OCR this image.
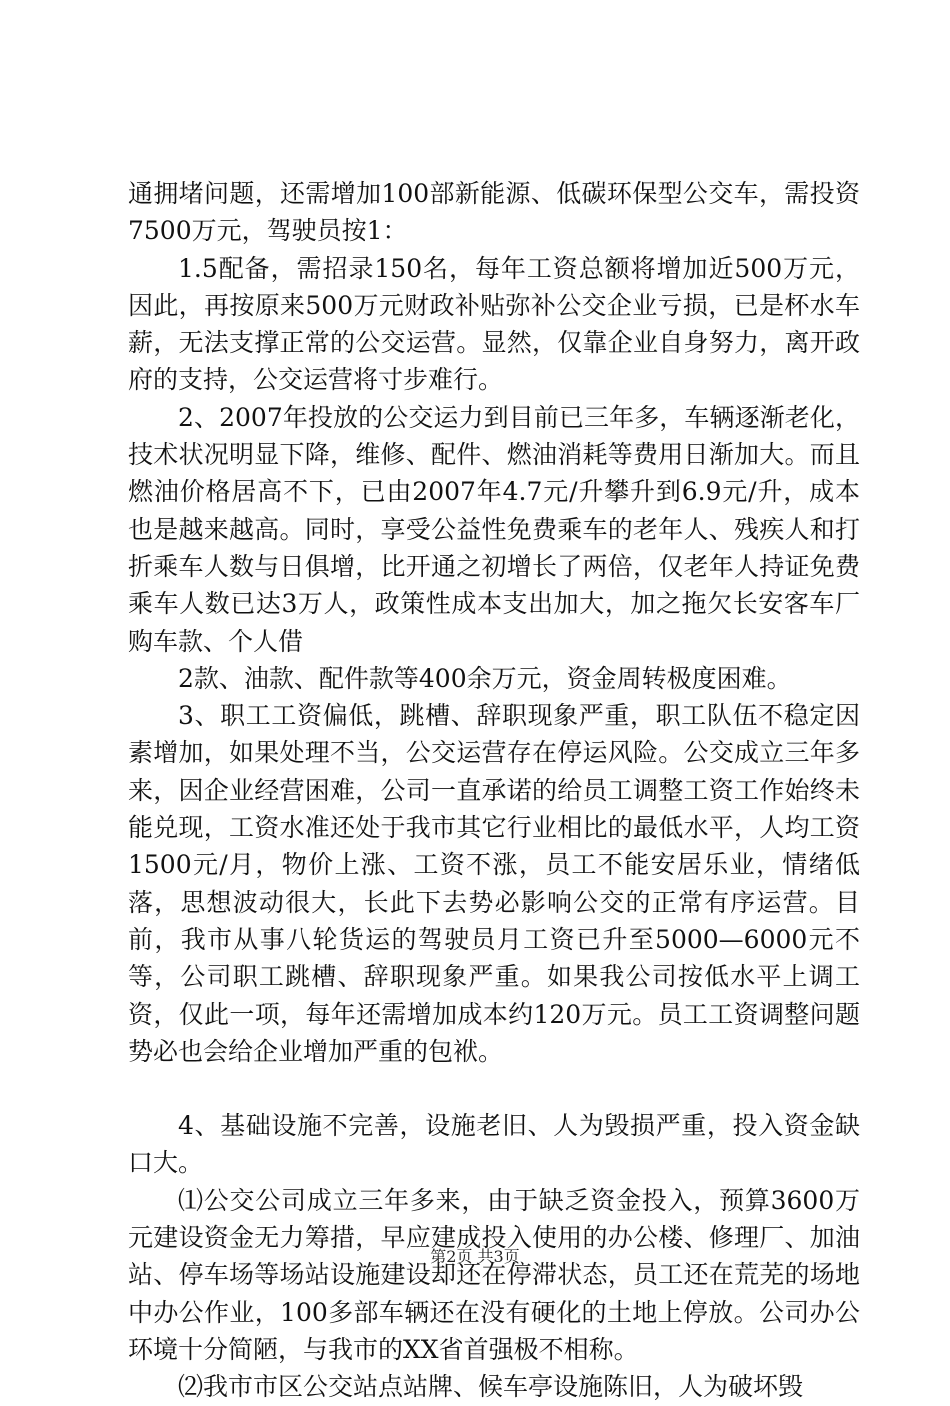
通拥堵问题，还需增加100部新能源、低碳环保型公交车，需投资7500万元，驾驶员按1：

1.5配备，需招录150名，每年工资总额将增加近500万元，因此，再按原来500万元财政补贴弥补公交企业亏损，已是杯水车薪，无法支撑正常的公交运营。显然，仅靠企业自身努力，离开政府的支持，公交运营将寸步难行。

2、2007年投放的公交运力到目前已三年多，车辆逐渐老化，技术状况明显下降，维修、配件、燃油消耗等费用日渐加大。而且燃油价格居高不下，已由2007年4.7元/升攀升到6.9元/升，成本也是越来越高。同时，享受公益性免费乘车的老年人、残疾人和打折乘车人数与日俱增，比开通之初增长了两倍，仅老年人持证免费乘车人数已达3万人，政策性成本支出加大，加之拖欠长安客车厂购车款、个人借

2款、油款、配件款等400余万元，资金周转极度困难。

3、职工工资偏低，跳槽、辞职现象严重，职工队伍不稳定因素增加，如果处理不当，公交运营存在停运风险。公交成立三年多来，因企业经营困难，公司一直承诺的给员工调整工资工作始终未能兑现，工资水准还处于我市其它行业相比的最低水平，人均工资1500元/月，物价上涨、工资不涨，员工不能安居乐业，情绪低落，思想波动很大，长此下去势必影响公交的正常有序运营。目前，我市从事八轮货运的驾驶员月工资已升至5000—6000元不等，公司职工跳槽、辞职现象严重。如果我公司按低水平上调工资，仅此一项，每年还需增加成本约120万元。员工工资调整问题势必也会给企业增加严重的包袱。

4、基础设施不完善，设施老旧、人为毁损严重，投入资金缺口大。

⑴公交公司成立三年多来，由于缺乏资金投入，预算3600万元建设资金无力筹措，早应建成投入使用的办公楼、修理厂、加油站、停车场等场站设施建设却还在停滞状态，员工还在荒芜的场地中办公作业，100多部车辆还在没有硬化的土地上停放。公司办公环境十分简陋，与我市的XX省首强极不相称。

⑵我市市区公交站点站牌、候车亭设施陈旧，人为破坏毁

第2页 共3页
